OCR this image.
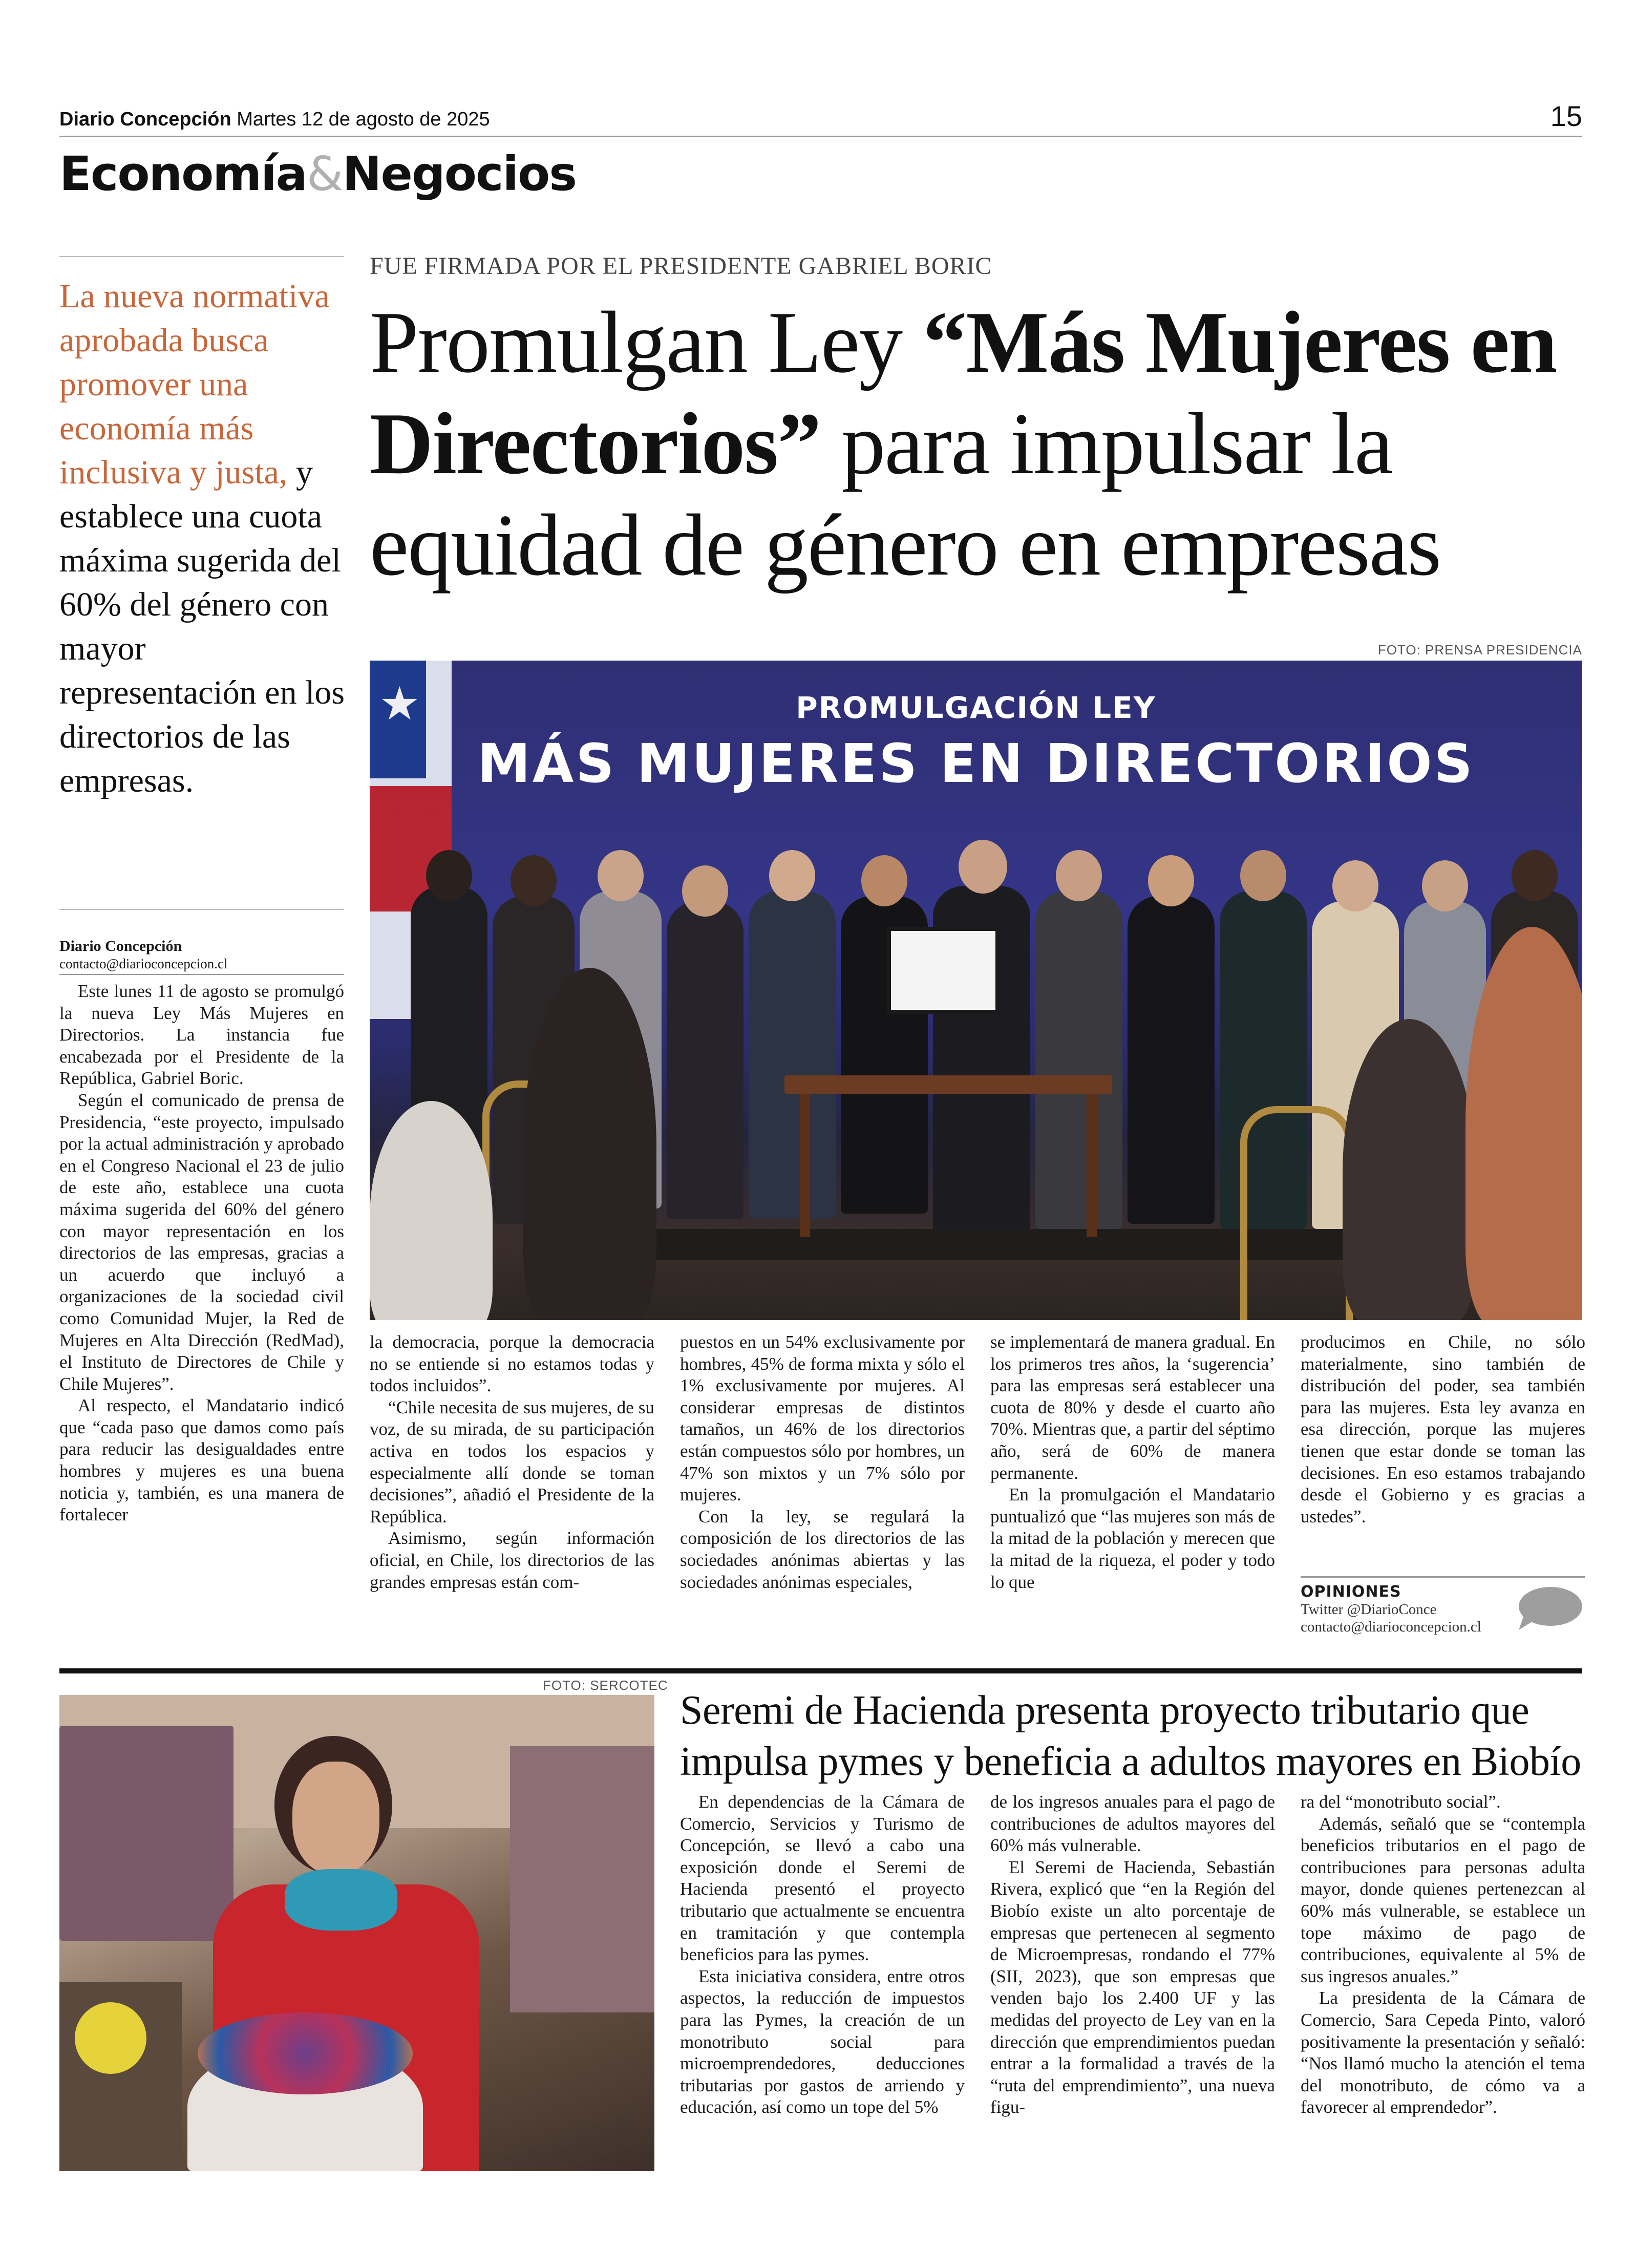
Diario Concepción Martes 12 de agosto de 2025	15
Economía&Negocios
La nueva normativa aprobada busca promover una economía más inclusiva y justa, y establece una cuota máxima sugerida del 60% del género con mayor representación en los directorios de las empresas.
Diario Concepción
contacto@diarioconcepcion.cl
FUE FIRMADA POR EL PRESIDENTE GABRIEL BORIC
Promulgan Ley “Más Mujeres en Directorios” para impulsar la equidad de género en empresas
FOTO: PRENSA PRESIDENCIA
★	PROMULGACIÓN LEY
MÁS MUJERES EN DIRECTORIOS

Este lunes 11 de agosto se promulgó la nueva Ley Más Mujeres en Directorios. La instancia fue encabezada por el Presidente de la República, Gabriel Boric.

Según el comunicado de prensa de Presidencia, “este proyecto, impulsado por la actual administración y aprobado en el Congreso Nacional el 23 de julio de este año, establece una cuota máxima sugerida del 60% del género con mayor representación en los directorios de las empresas, gracias a un acuerdo que incluyó a organizaciones de la sociedad civil como Comunidad Mujer, la Red de Mujeres en Alta Dirección (RedMad), el Instituto de Directores de Chile y Chile Mujeres”.

Al respecto, el Mandatario indicó que “cada paso que damos como país para reducir las desigualdades entre hombres y mujeres es una buena noticia y, también, es una manera de fortalecer

la democracia, porque la democracia no se entiende si no estamos todas y todos incluidos”.

“Chile necesita de sus mujeres, de su voz, de su mirada, de su participación activa en todos los espacios y especialmente allí donde se toman decisiones”, añadió el Presidente de la República.

Asimismo, según información oficial, en Chile, los directorios de las grandes empresas están com-

puestos en un 54% exclusivamente por hombres, 45% de forma mixta y sólo el 1% exclusivamente por mujeres. Al considerar empresas de distintos tamaños, un 46% de los directorios están compuestos sólo por hombres, un 47% son mixtos y un 7% sólo por mujeres.

Con la ley, se regulará la composición de los directorios de las sociedades anónimas abiertas y las sociedades anónimas especiales,

se implementará de manera gradual. En los primeros tres años, la ‘sugerencia’ para las empresas será establecer una cuota de 80% y desde el cuarto año 70%. Mientras que, a partir del séptimo año, será de 60% de manera permanente.

En la promulgación el Mandatario puntualizó que “las mujeres son más de la mitad de la población y merecen que la mitad de la riqueza, el poder y todo lo que

producimos en Chile, no sólo materialmente, sino también de distribución del poder, sea también para las mujeres. Esta ley avanza en esa dirección, porque las mujeres tienen que estar donde se toman las decisiones. En eso estamos trabajando desde el Gobierno y es gracias a ustedes”.

OPINIONES
Twitter @DiarioConce
contacto@diarioconcepcion.cl
FOTO: SERCOTEC
Seremi de Hacienda presenta proyecto tributario que impulsa pymes y beneficia a adultos mayores en Biobío

En dependencias de la Cámara de Comercio, Servicios y Turismo de Concepción, se llevó a cabo una exposición donde el Seremi de Hacienda presentó el proyecto tributario que actualmente se encuentra en tramitación y que contempla beneficios para las pymes.

Esta iniciativa considera, entre otros aspectos, la reducción de impuestos para las Pymes, la creación de un monotributo social para microemprendedores, deducciones tributarias por gastos de arriendo y educación, así como un tope del 5%

de los ingresos anuales para el pago de contribuciones de adultos mayores del 60% más vulnerable.

El Seremi de Hacienda, Sebastián Rivera, explicó que “en la Región del Biobío existe un alto porcentaje de empresas que pertenecen al segmento de Microempresas, rondando el 77% (SII, 2023), que son empresas que venden bajo los 2.400 UF y las medidas del proyecto de Ley van en la dirección que emprendimientos puedan entrar a la formalidad a través de la “ruta del emprendimiento”, una nueva figu-

ra del “monotributo social”.

Además, señaló que se “contempla beneficios tributarios en el pago de contribuciones para personas adulta mayor, donde quienes pertenezcan al 60% más vulnerable, se establece un tope máximo de pago de contribuciones, equivalente al 5% de sus ingresos anuales.”

La presidenta de la Cámara de Comercio, Sara Cepeda Pinto, valoró positivamente la presentación y señaló: “Nos llamó mucho la atención el tema del monotributo, de cómo va a favorecer al emprendedor”.
